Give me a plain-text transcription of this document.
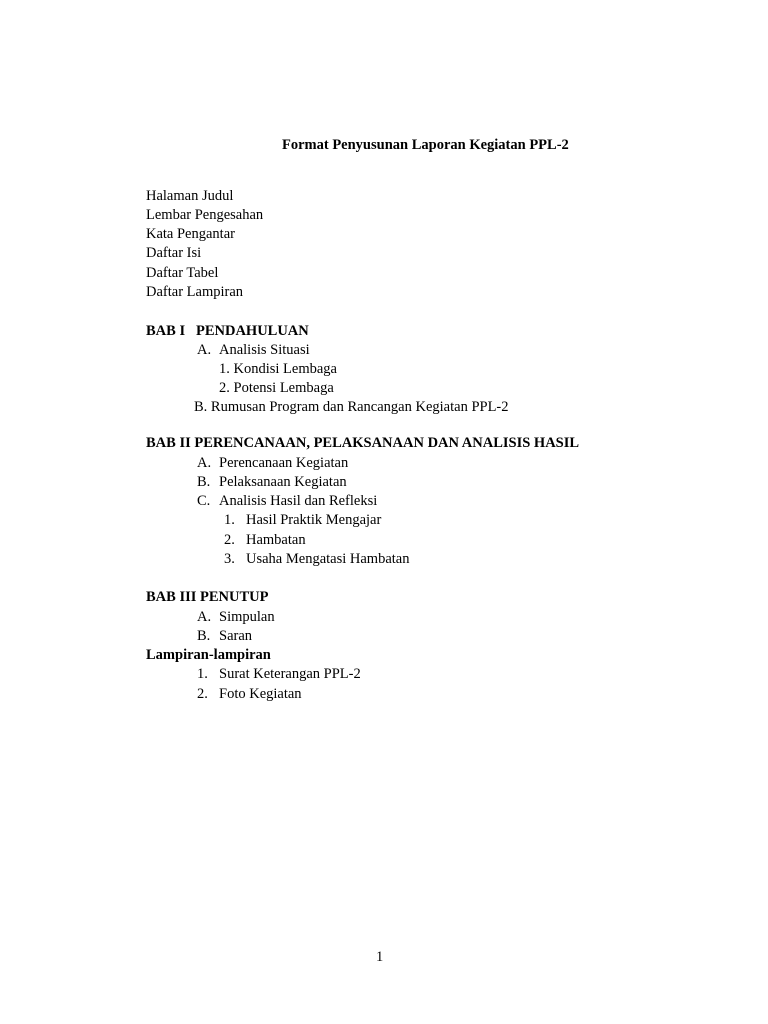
Format Penyusunan Laporan Kegiatan PPL-2
Halaman Judul
Lembar Pengesahan
Kata Pengantar
Daftar Isi
Daftar Tabel
Daftar Lampiran
BAB I PENDAHULUAN
A. Analisis Situasi
1. Kondisi Lembaga
2. Potensi Lembaga
B. Rumusan Program dan Rancangan Kegiatan PPL-2
BAB II PERENCANAAN, PELAKSANAAN DAN ANALISIS HASIL
A. Perencanaan Kegiatan
B. Pelaksanaan Kegiatan
C. Analisis Hasil dan Refleksi
1. Hasil Praktik Mengajar
2. Hambatan
3. Usaha Mengatasi Hambatan
BAB III PENUTUP
A. Simpulan
B. Saran
Lampiran-lampiran
1. Surat Keterangan PPL-2
2. Foto Kegiatan
1
